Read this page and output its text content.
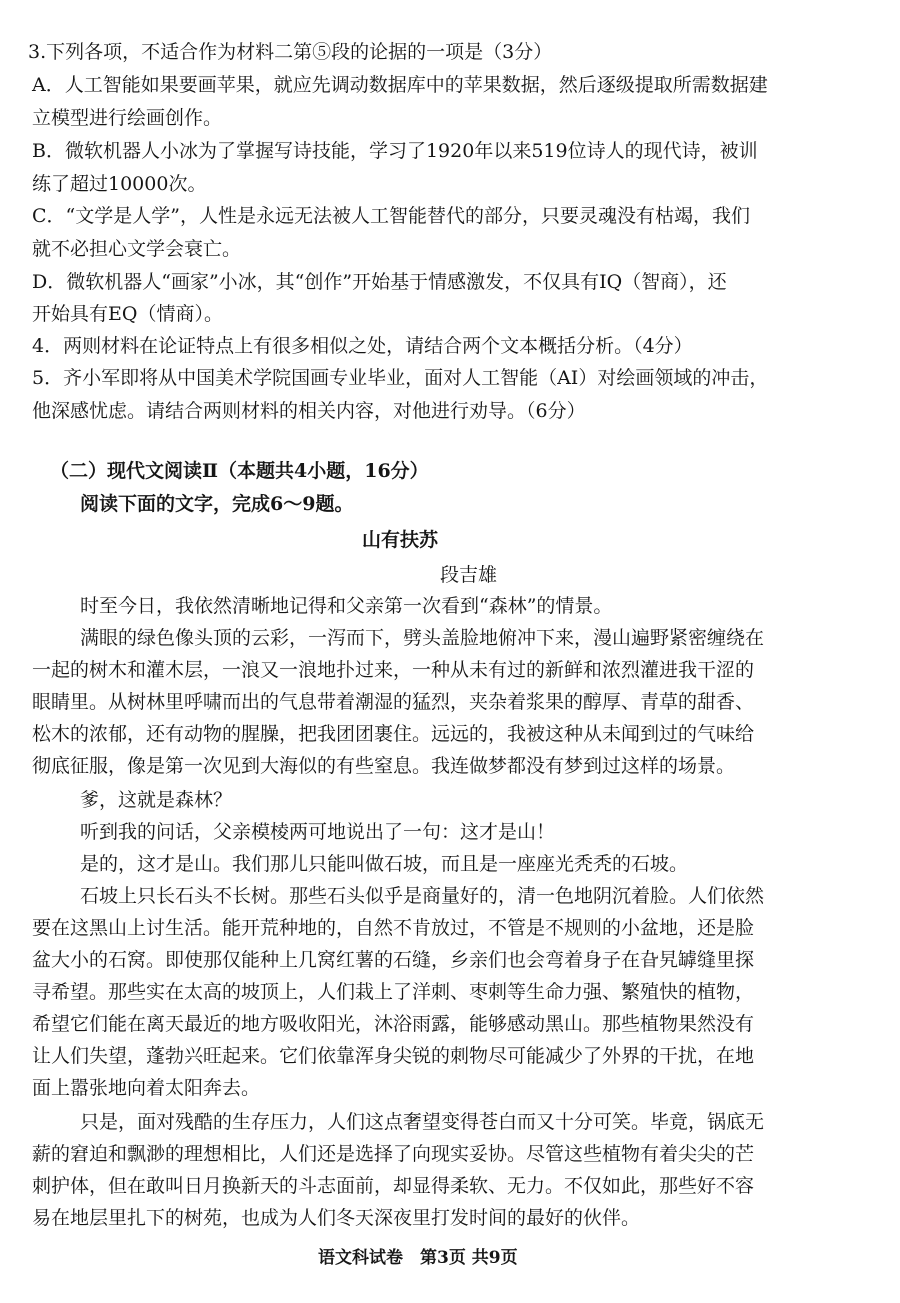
3.下列各项，不适合作为材料二第⑤段的论据的一项是（3分）
A．人工智能如果要画苹果，就应先调动数据库中的苹果数据，然后逐级提取所需数据建
立模型进行绘画创作。
B．微软机器人小冰为了掌握写诗技能，学习了1920年以来519位诗人的现代诗，被训
练了超过10000次。
C．“文学是人学”，人性是永远无法被人工智能替代的部分，只要灵魂没有枯竭，我们
就不必担心文学会衰亡。
D．微软机器人“画家”小冰，其“创作”开始基于情感激发，不仅具有IQ（智商），还
开始具有EQ（情商）。
4．两则材料在论证特点上有很多相似之处，请结合两个文本概括分析。（4分）
5．齐小军即将从中国美术学院国画专业毕业，面对人工智能（AI）对绘画领域的冲击，
他深感忧虑。请结合两则材料的相关内容，对他进行劝导。（6分）
（二）现代文阅读Ⅱ（本题共4小题，16分）
阅读下面的文字，完成6～9题。
山有扶苏
段吉雄
时至今日，我依然清晰地记得和父亲第一次看到“森林”的情景。
满眼的绿色像头顶的云彩，一泻而下，劈头盖脸地俯冲下来，漫山遍野紧密缠绕在
一起的树木和灌木层，一浪又一浪地扑过来，一种从未有过的新鲜和浓烈灌进我干涩的
眼睛里。从树林里呼啸而出的气息带着潮湿的猛烈，夹杂着浆果的醇厚、青草的甜香、
松木的浓郁，还有动物的腥臊，把我团团裹住。远远的，我被这种从未闻到过的气味给
彻底征服，像是第一次见到大海似的有些窒息。我连做梦都没有梦到过这样的场景。
爹，这就是森林？
听到我的问话，父亲模棱两可地说出了一句：这才是山！
是的，这才是山。我们那儿只能叫做石坡，而且是一座座光秃秃的石坡。
石坡上只长石头不长树。那些石头似乎是商量好的，清一色地阴沉着脸。人们依然
要在这黑山上讨生活。能开荒种地的，自然不肯放过，不管是不规则的小盆地，还是脸
盆大小的石窝。即使那仅能种上几窝红薯的石缝，乡亲们也会弯着身子在旮旯罅缝里探
寻希望。那些实在太高的坡顶上，人们栽上了洋刺、枣刺等生命力强、繁殖快的植物，
希望它们能在离天最近的地方吸收阳光，沐浴雨露，能够感动黑山。那些植物果然没有
让人们失望，蓬勃兴旺起来。它们依靠浑身尖锐的刺物尽可能减少了外界的干扰，在地
面上嚣张地向着太阳奔去。
只是，面对残酷的生存压力，人们这点奢望变得苍白而又十分可笑。毕竟，锅底无
薪的窘迫和飘渺的理想相比，人们还是选择了向现实妥协。尽管这些植物有着尖尖的芒
刺护体，但在敢叫日月换新天的斗志面前，却显得柔软、无力。不仅如此，那些好不容
易在地层里扎下的树苑，也成为人们冬天深夜里打发时间的最好的伙伴。
语文科试卷　第3页 共9页
